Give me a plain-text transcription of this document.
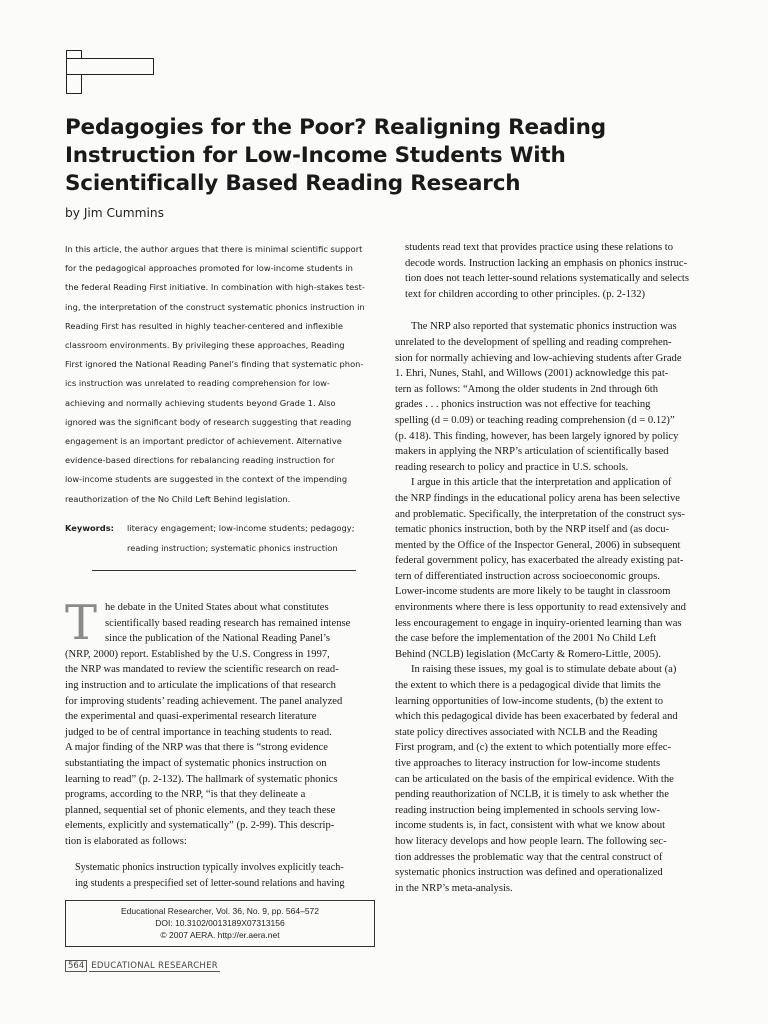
Pedagogies for the Poor? Realigning Reading
Instruction for Low-Income Students With
Scientifically Based Reading Research
by Jim Cummins
In this article, the author argues that there is minimal scientific support
for the pedagogical approaches promoted for low-income students in
the federal Reading First initiative. In combination with high-stakes test-
ing, the interpretation of the construct systematic phonics instruction in
Reading First has resulted in highly teacher-centered and inflexible
classroom environments. By privileging these approaches, Reading
First ignored the National Reading Panel’s finding that systematic phon-
ics instruction was unrelated to reading comprehension for low-
achieving and normally achieving students beyond Grade 1. Also
ignored was the significant body of research suggesting that reading
engagement is an important predictor of achievement. Alternative
evidence-based directions for rebalancing reading instruction for
low-income students are suggested in the context of the impending
reauthorization of the No Child Left Behind legislation.
Keywords: literacy engagement; low-income students; pedagogy;
reading instruction; systematic phonics instruction
T he debate in the United States about what constitutes
scientifically based reading research has remained intense
since the publication of the National Reading Panel’s
(NRP, 2000) report. Established by the U.S. Congress in 1997,
the NRP was mandated to review the scientific research on read-
ing instruction and to articulate the implications of that research
for improving students’ reading achievement. The panel analyzed
the experimental and quasi-experimental research literature
judged to be of central importance in teaching students to read.
A major finding of the NRP was that there is “strong evidence
substantiating the impact of systematic phonics instruction on
learning to read” (p. 2-132). The hallmark of systematic phonics
programs, according to the NRP, “is that they delineate a
planned, sequential set of phonic elements, and they teach these
elements, explicitly and systematically” (p. 2-99). This descrip-
tion is elaborated as follows:
Systematic phonics instruction typically involves explicitly teach-
ing students a prespecified set of letter-sound relations and having
Educational Researcher, Vol. 36, No. 9, pp. 564–572
DOI: 10.3102/0013189X07313156
© 2007 AERA. http://er.aera.net
564 EDUCATIONAL RESEARCHER
students read text that provides practice using these relations to
decode words. Instruction lacking an emphasis on phonics instruc-
tion does not teach letter-sound relations systematically and selects
text for children according to other principles. (p. 2-132)
The NRP also reported that systematic phonics instruction was
unrelated to the development of spelling and reading comprehen-
sion for normally achieving and low-achieving students after Grade
1. Ehri, Nunes, Stahl, and Willows (2001) acknowledge this pat-
tern as follows: “Among the older students in 2nd through 6th
grades . . . phonics instruction was not effective for teaching
spelling (d = 0.09) or teaching reading comprehension (d = 0.12)”
(p. 418). This finding, however, has been largely ignored by policy
makers in applying the NRP’s articulation of scientifically based
reading research to policy and practice in U.S. schools.
I argue in this article that the interpretation and application of
the NRP findings in the educational policy arena has been selective
and problematic. Specifically, the interpretation of the construct sys-
tematic phonics instruction, both by the NRP itself and (as docu-
mented by the Office of the Inspector General, 2006) in subsequent
federal government policy, has exacerbated the already existing pat-
tern of differentiated instruction across socioeconomic groups.
Lower-income students are more likely to be taught in classroom
environments where there is less opportunity to read extensively and
less encouragement to engage in inquiry-oriented learning than was
the case before the implementation of the 2001 No Child Left
Behind (NCLB) legislation (McCarty & Romero-Little, 2005).
In raising these issues, my goal is to stimulate debate about (a)
the extent to which there is a pedagogical divide that limits the
learning opportunities of low-income students, (b) the extent to
which this pedagogical divide has been exacerbated by federal and
state policy directives associated with NCLB and the Reading
First program, and (c) the extent to which potentially more effec-
tive approaches to literacy instruction for low-income students
can be articulated on the basis of the empirical evidence. With the
pending reauthorization of NCLB, it is timely to ask whether the
reading instruction being implemented in schools serving low-
income students is, in fact, consistent with what we know about
how literacy develops and how people learn. The following sec-
tion addresses the problematic way that the central construct of
systematic phonics instruction was defined and operationalized
in the NRP’s meta-analysis.
